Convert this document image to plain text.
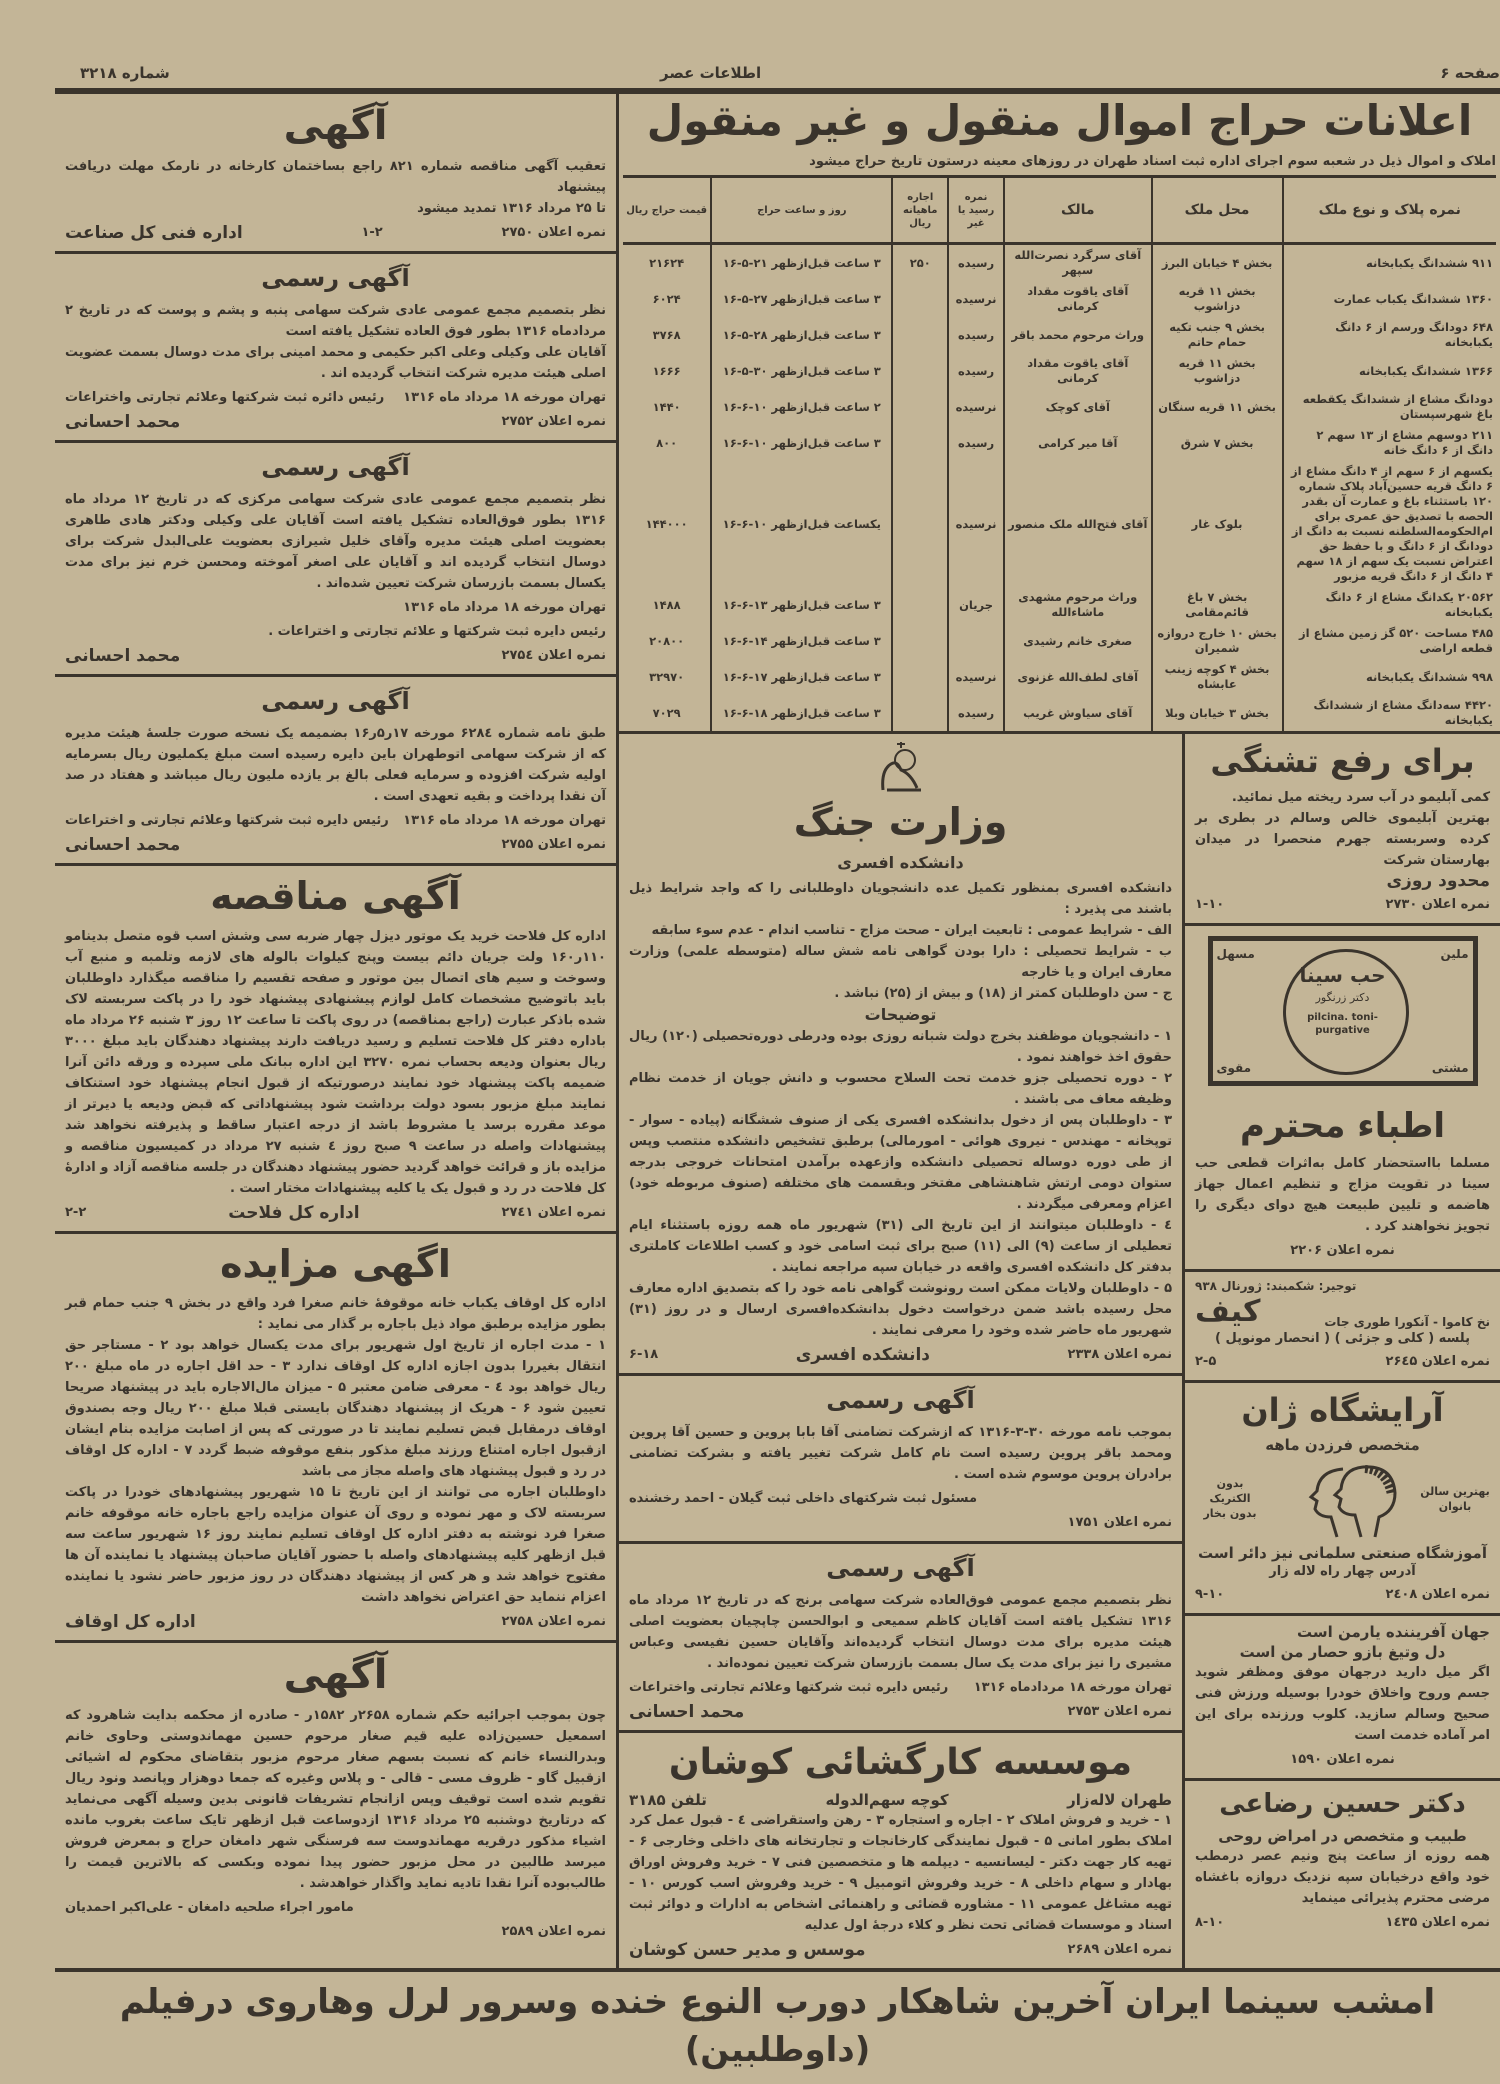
صفحه ۶
اطلاعات عصر
شماره ۳۲۱۸
اعلانات حراج اموال منقول و غیر منقول
املاک و اموال ذیل در شعبه سوم اجرای اداره ثبت اسناد طهران در روزهای معینه درستون تاریخ حراج میشود
نمره پلاک و نوع ملک	محل ملک	مالک	نمره رسید یا غیر	اجاره ماهیانه ریال	روز و ساعت حراج	قیمت حراج ریال
۹۱۱ ششدانگ یکبابخانه	بخش ۴ خیابان البرز	آقای سرگرد نصرت‌الله سپهر	رسیده	۲۵۰	۳ ساعت قبل‌ازظهر ۲۱-۵-۱۶	۲۱۶۲۴
۱۳۶۰ ششدانگ یکباب عمارت	بخش ۱۱ قریه دزاشوب	آقای یاقوت مقداد کرمانی	نرسیده		۳ ساعت قبل‌ازظهر ۲۷-۵-۱۶	۶۰۲۴
۶۴۸ دودانگ ورسم از ۶ دانگ یکبابخانه	بخش ۹ جنب تکیه حمام حاتم	وراث مرحوم محمد باقر	رسیده		۳ ساعت قبل‌ازظهر ۲۸-۵-۱۶	۳۷۶۸
۱۳۶۶ ششدانگ یکبابخانه	بخش ۱۱ قریه دزاشوب	آقای یاقوت مقداد کرمانی	رسیده		۳ ساعت قبل‌ازظهر ۳۰-۵-۱۶	۱۶۶۶
دودانگ مشاع از ششدانگ یکقطعه باغ شهرسپستان	بخش ۱۱ قریه سنگان	آقای کوچک	نرسیده		۲ ساعت قبل‌ازظهر ۱۰-۶-۱۶	۱۴۴۰
۲۱۱ دوسهم مشاع از ۱۳ سهم ۲ دانگ از ۶ دانگ خانه	بخش ۷ شرق	آقا میر کرامی	رسیده		۳ ساعت قبل‌ازظهر ۱۰-۶-۱۶	۸۰۰
یکسهم از ۶ سهم از ۴ دانگ مشاع از ۶ دانگ قریه حسین‌آباد پلاک شماره ۱۲۰ باستثناء باغ و عمارت آن بقدر الحصه با تصدیق حق عمری برای ام‌الحکومه‌السلطنه نسبت به دانگ از دودانگ از ۶ دانگ و با حفظ حق اعتراض نسبت یک سهم از ۱۸ سهم ۴ دانگ از ۶ دانگ قریه مزبور	بلوک غار	آقای فتح‌الله ملک منصور	نرسیده		یکساعت قبل‌ازظهر ۱۰-۶-۱۶	۱۴۴۰۰۰
۲۰۵۶۲ یکدانگ مشاع از ۶ دانگ یکبابخانه	بخش ۷ باغ قائم‌مقامی	وراث مرحوم مشهدی ماشاءالله	جریان		۳ ساعت قبل‌ازظهر ۱۳-۶-۱۶	۱۴۸۸
۴۸۵ مساحت ۵۲۰ گز زمین مشاع از قطعه اراضی	بخش ۱۰ خارج دروازه شمیران	صغری خانم رشیدی			۳ ساعت قبل‌ازظهر ۱۴-۶-۱۶	۲۰۸۰۰
۹۹۸ ششدانگ یکبابخانه	بخش ۴ کوچه زینب عابشاه	آقای لطف‌الله غزنوی	نرسیده		۳ ساعت قبل‌ازظهر ۱۷-۶-۱۶	۳۲۹۷۰
۴۴۲۰ سه‌دانگ مشاع از ششدانگ یکبابخانه	بخش ۳ خیابان وبلا	آقای سیاوش غریب	رسیده		۳ ساعت قبل‌ازظهر ۱۸-۶-۱۶	۷۰۲۹
برای رفع تشنگی

کمی آبلیمو در آب سرد ریخته میل نمائید.

بهترین آبلیموی خالص وسالم در بطری بر کرده وسربسته جهرم منحصرا در میدان بهارستان شرکت

محدود روزی
نمره اعلان ۲۷۳۰
۱-۱۰
حب سینا
دکتر زرنگور
pilcina. toni-purgative
ملین
مسهل
مقوی	مشتی
اطباء محترم

مسلما بااستحضار کامل به‌اثرات قطعی حب سینا در تقویت مزاج و تنظیم اعمال جهاز هاضمه و تلیین طبیعت هیچ دوای دیگری را تجویز نخواهند کرد .

نمره اعلان ۲۲۰۶
توجیر: شکمبند: ژورنال ۹۳۸
نخ کاموا - آنکورا طوری جات
کیف
پلسه ( کلی و جزئی ) ( انحصار مونوپل )
نمره اعلان ۲۶٤۵
۲-۵
آرایشگاه ژان
متخصص فرزدن ماهه
بهترین سالن بانوان
بدون الکتریک بدون بخار
آموزشگاه صنعتی سلمانی نیز دائر است
آدرس چهار راه لاله زار
نمره اعلان ۲٤۰۸
۹-۱۰
جهان آفریننده یارمن است
دل وتیغ بازو حصار من است

اگر میل دارید درجهان موفق ومظفر شوید جسم وروح واخلاق خودرا بوسیله ورزش فنی صحیح وسالم سازید. کلوب ورزنده برای این امر آماده خدمت است

نمره اعلان ۱۵۹۰
دکتر حسین رضاعی
طبیب و متخصص در امراض روحی

همه روزه از ساعت پنج ونیم عصر درمطب خود واقع درخیابان سپه نزدیک دروازه باغشاه مرضی محترم پذیرائی مینماید

نمره اعلان ۱٤۳۵
۸-۱۰
وزارت جنگ
دانشکده افسری

دانشکده افسری بمنظور تکمیل عده دانشجویان داوطلبانی را که واجد شرایط ذیل باشند می پذیرد :

الف - شرایط عمومی : تابعیت ایران - صحت مزاج - تناسب اندام - عدم سوء سابقه

ب - شرایط تحصیلی : دارا بودن گواهی نامه شش ساله (متوسطه علمی) وزارت معارف ایران و یا خارجه

ج - سن داوطلبان کمتر از (۱۸) و بیش از (۲۵) نباشد .

توضیحات

۱ - دانشجویان موظفند بخرج دولت شبانه روزی بوده ودرطی دوره‌تحصیلی (۱۲۰) ریال حقوق اخذ خواهند نمود .

۲ - دوره تحصیلی جزو خدمت تحت السلاح محسوب و دانش جویان از خدمت نظام وظیفه معاف می باشند .

۳ - داوطلبان پس از دخول بدانشکده افسری یکی از صنوف ششگانه (پیاده - سوار - توپخانه - مهندس - نیروی هوائی - امورمالی) برطبق تشخیص دانشکده منتصب وپس از طی دوره دوساله تحصیلی دانشکده وازعهده برآمدن امتحانات خروجی بدرجه ستوان دومی ارتش شاهنشاهی مفتخر وبقسمت های مختلفه (صنوف مربوطه خود) اعزام ومعرفی میگردند .

٤ - داوطلبان میتوانند از این تاریخ الی (۳۱) شهریور ماه همه روزه باستثناء ایام تعطیلی از ساعت (۹) الی (۱۱) صبح برای ثبت اسامی خود و کسب اطلاعات کاملتری بدفتر کل دانشکده افسری واقعه در خیابان سپه مراجعه نمایند .

۵ - داوطلبان ولایات ممکن است رونوشت گواهی نامه خود را که بتصدیق اداره معارف محل رسیده باشد ضمن درخواست دخول بدانشکده‌افسری ارسال و در روز (۳۱) شهریور ماه حاضر شده وخود را معرفی نمایند .

نمره اعلان ۲۳۳۸
دانشکده افسری
۶-۱۸
آگهی رسمی

بموجب نامه مورخه ۳۰-۳-۱۳۱۶ که ازشرکت تضامنی آقا بابا پروین و حسین آقا پروین ومحمد باقر پروین رسیده است نام کامل شرکت تغییر یافته و بشرکت تضامنی برادران پروین موسوم شده است .

مسئول ثبت شرکتهای داخلی ثبت گیلان - احمد رخشنده
نمره اعلان ۱۷۵۱
آگهی رسمی

نظر بتصمیم مجمع عمومی فوق‌العاده شرکت سهامی برنج که در تاریخ ۱۲ مرداد ماه ۱۳۱۶ تشکیل یافته است آقایان کاظم سمیعی و ابوالحسن چاپچیان بعضویت اصلی هیئت مدیره برای مدت دوسال انتخاب گردیده‌اند وآقایان حسین نفیسی وعباس مشیری را نیز برای مدت یک سال بسمت بازرسان شرکت تعیین نموده‌اند .

تهران مورخه ۱۸ مردادماه ۱۳۱۶
رئیس دایره ثبت شرکتها وعلائم تجارتی واختراعات
نمره اعلان ۲۷۵۳
محمد احسانی
موسسه کارگشائی کوشان
طهران لاله‌زار
کوچه سهم‌الدوله
تلفن ۳۱۸۵

۱ - خرید و فروش املاک ۲ - اجاره و استجاره ۳ - رهن واستقراضی ٤ - قبول عمل کرد املاک بطور امانی ۵ - قبول نمایندگی کارخانجات و تجارتخانه های داخلی وخارجی ۶ - تهیه کار جهت دکتر - لیسانسیه - دیپلمه ها و متخصصین فنی ۷ - خرید وفروش اوراق بهادار و سهام داخلی ۸ - خرید وفروش اتومبیل ۹ - خرید وفروش اسب کورس ۱۰ - تهیه مشاغل عمومی ۱۱ - مشاوره قضائی و راهنمائی اشخاص به ادارات و دوائر ثبت اسناد و موسسات قضائی تحت نظر و کلاء درجهٔ اول عدلیه

نمره اعلان ۲۶۸۹
موسس و مدیر حسن کوشان
آگهی

تعقیب آگهی مناقصه شماره ۸۲۱ راجع بساختمان کارخانه در نارمک مهلت دریافت پیشنهاد

تا ۲۵ مرداد ۱۳۱۶ تمدید میشود

نمره اعلان ۲۷۵۰
۱-۲
اداره فنی کل صناعت
آگهی رسمی

نظر بتصمیم مجمع عمومی عادی شرکت سهامی پنبه و پشم و پوست که در تاریخ ۲ مردادماه ۱۳۱۶ بطور فوق العاده تشکیل یافته است

آقایان علی وکیلی وعلی اکبر حکیمی و محمد امینی برای مدت دوسال بسمت عضویت اصلی هیئت مدیره شرکت انتخاب گردیده اند .

تهران مورخه ۱۸ مرداد ماه ۱۳۱۶
رئیس دائره ثبت شرکتها وعلائم تجارتی واختراعات
نمره اعلان ۲۷۵۲
محمد احسانی
آگهی رسمی

نظر بتصمیم مجمع عمومی عادی شرکت سهامی مرکزی که در تاریخ ۱۲ مرداد ماه ۱۳۱۶ بطور فوق‌العاده تشکیل یافته است آقایان علی وکیلی ودکتر هادی طاهری بعضویت اصلی هیئت مدیره وآقای خلیل شیرازی بعضویت علی‌البدل شرکت برای دوسال انتخاب گردیده اند و آقایان علی اصغر آموخته ومحسن خرم نیز برای مدت یکسال بسمت بازرسان شرکت تعیین شده‌اند .

تهران مورخه ۱۸ مرداد ماه ۱۳۱۶
رئیس دایره ثبت شرکتها و علائم تجارتی و اختراعات .
نمره اعلان ۲۷۵٤
محمد احسانی
آگهی رسمی

طبق نامه شماره ۶۲۸٤ مورخه ۱۷ر۵ر۱۶ بضمیمه یک نسخه صورت جلسهٔ هیئت مدیره که از شرکت سهامی اتوطهران باین دایره رسیده است مبلغ یکملیون ریال بسرمایه اولیه شرکت افزوده و سرمایه فعلی بالغ بر یازده ملیون ریال میباشد و هفتاد در صد آن نقدا پرداخت و بقیه تعهدی است .

تهران مورخه ۱۸ مرداد ماه ۱۳۱۶
رئیس دایره ثبت شرکتها وعلائم تجارتی و اختراعات
نمره اعلان ۲۷۵۵
محمد احسانی
آگهی مناقصه

اداره کل فلاحت خرید یک موتور دیزل چهار ضربه سی وشش اسب قوه متصل بدینامو ۱۱۰ر۱۶۰ ولت جریان دائم بیست وپنج کیلوات بالوله های لازمه وتلمبه و منبع آب وسوخت و سیم های اتصال بین موتور و صفحه تقسیم را مناقصه میگذارد داوطلبان باید باتوضیح مشخصات کامل لوازم پیشنهادی پیشنهاد خود را در پاکت سربسته لاک شده باذکر عبارت (راجع بمناقصه) در روی پاکت تا ساعت ۱۲ روز ۳ شنبه ۲۶ مرداد ماه باداره دفتر کل فلاحت تسلیم و رسید دریافت دارند پیشنهاد دهندگان باید مبلغ ۳۰۰۰ ریال بعنوان ودیعه بحساب نمره ۳۲۷۰ این اداره ببانک ملی سپرده و ورقه دائن آنرا ضمیمه پاکت پیشنهاد خود نمایند درصورتیکه از قبول انجام پیشنهاد خود استنکاف نمایند مبلغ مزبور بسود دولت برداشت شود پیشنهاداتی که قبض ودیعه یا دیرتر از موعد مقرره برسد یا مشروط باشد از درجه اعتبار ساقط و پذیرفته نخواهد شد پیشنهادات واصله در ساعت ۹ صبح روز ٤ شنبه ۲۷ مرداد در کمیسیون مناقصه و مزایده باز و قرائت خواهد گردید حضور پیشنهاد دهندگان در جلسه مناقصه آزاد و ادارهٔ کل فلاحت در رد و قبول یک یا کلیه پیشنهادات مختار است .

نمره اعلان ۲۷٤۱
اداره کل فلاحت
۲-۲
اگهی مزایده

اداره کل اوقاف یکباب خانه موقوفهٔ خانم صغرا فرد واقع در بخش ۹ جنب حمام قبر بطور مزایده برطبق مواد ذیل باجاره بر گذار می نماید :

۱ - مدت اجاره از تاریخ اول شهریور برای مدت یکسال خواهد بود ۲ - مستاجر حق انتقال بغیررا بدون اجازه اداره کل اوقاف ندارد ۳ - حد اقل اجاره در ماه مبلغ ۲۰۰ ریال خواهد بود ٤ - معرفی ضامن معتبر ۵ - میزان مال‌الاجاره باید در پیشنهاد صریحا تعیین شود ۶ - هریک از پیشنهاد دهندگان بایستی قبلا مبلغ ۲۰۰ ریال وجه بصندوق اوقاف درمقابل قبض تسلیم نمایند تا در صورتی که پس از اصابت مزایده بنام ایشان ازقبول اجاره امتناع ورزند مبلغ مذکور بنفع موقوفه ضبط گردد ۷ - اداره کل اوقاف در رد و قبول پیشنهاد های واصله مجاز می باشد

داوطلبان اجاره می توانند از این تاریخ تا ۱۵ شهریور پیشنهادهای خودرا در پاکت سربسته لاک و مهر نموده و روی آن عنوان مزایده راجع باجاره خانه موقوفه خانم صغرا فرد نوشته به دفتر اداره کل اوقاف تسلیم نمایند روز ۱۶ شهریور ساعت سه قبل ازظهر کلیه پیشنهادهای واصله با حضور آقایان صاحبان پیشنهاد یا نماینده آن ها مفتوح خواهد شد و هر کس از پیشنهاد دهندگان در روز مزبور حاضر نشود یا نماینده اعزام ننماید حق اعتراض نخواهد داشت

نمره اعلان ۲۷۵۸
اداره کل اوقاف
آگهی

چون بموجب اجرائیه حکم شماره ۲۶۵۸ر ۱۵۸۲ر - صادره از محکمه بدایت شاهرود که اسمعیل حسین‌زاده علیه قیم صغار مرحوم حسین مهماندوستی وحاوی خانم وبدرالنساء خانم که نسبت بسهم صغار مرحوم مزبور بتقاضای محکوم له اشیائی ازقبیل گاو - ظروف مسی - قالی - و پلاس وغیره که جمعا دوهزار وپانصد ونود ریال تقویم شده است توقیف وپس ازانجام تشریفات قانونی بدین وسیله آگهی می‌نماید که درتاریخ دوشنبه ۲۵ مرداد ۱۳۱۶ ازدوساعت قبل ازظهر تایک ساعت بغروب مانده اشیاء مذکور درقریه مهماندوست سه فرسنگی شهر دامغان حراج و بمعرض فروش میرسد طالبین در محل مزبور حضور پیدا نموده وبکسی که بالاترین قیمت را طالب‌بوده آنرا نقدا تادیه نماید واگذار خواهدشد .

مامور اجراء صلحیه دامغان - علی‌اکبر احمدیان
نمره اعلان ۲۵۸۹
امشب سینما ایران آخرین شاهکار دورب النوع خنده وسرور لرل وهاروی درفیلم (داوطلبین)
